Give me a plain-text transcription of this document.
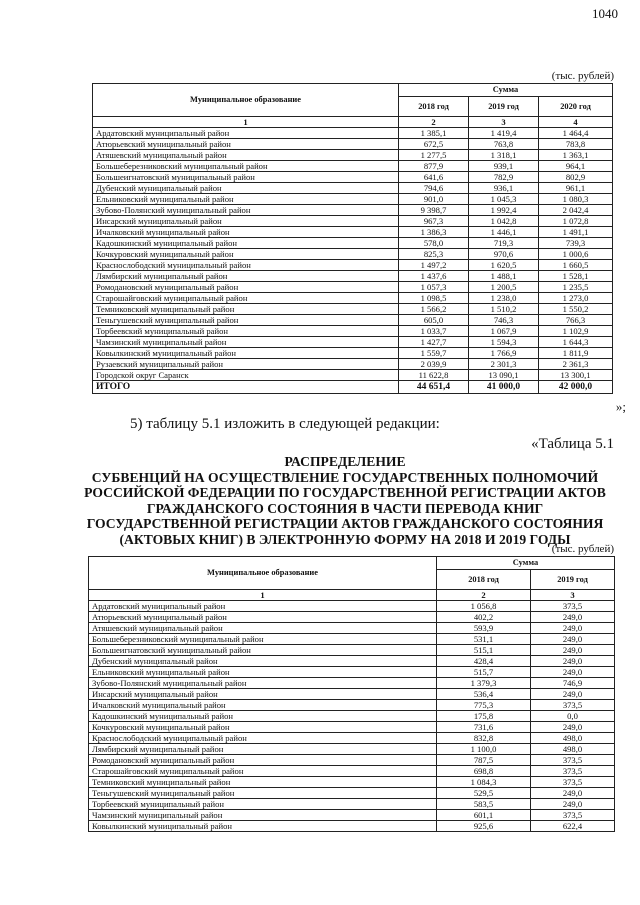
1040
(тыс. рублей)
Муниципальное образование	Сумма		
	2018 год	2019 год	2020 год
1	2	3	4
Ардатовский муниципальный район	1 385,1	1 419,4	1 464,4
Атюрьевский муниципальный район	672,5	763,8	783,8
Атяшевский муниципальный район	1 277,5	1 318,1	1 363,1
Большеберезниковский муниципальный район	877,9	939,1	964,1
Большеигнатовский муниципальный район	641,6	782,9	802,9
Дубенский муниципальный район	794,6	936,1	961,1
Ельниковский муниципальный район	901,0	1 045,3	1 080,3
Зубово-Полянский муниципальный район	9 398,7	1 992,4	2 042,4
Инсарский муниципальный район	967,3	1 042,8	1 072,8
Ичалковский муниципальный район	1 386,3	1 446,1	1 491,1
Кадошкинский муниципальный район	578,0	719,3	739,3
Кочкуровский муниципальный район	825,3	970,6	1 000,6
Краснослободский муниципальный район	1 497,2	1 620,5	1 660,5
Лямбирский муниципальный район	1 437,6	1 488,1	1 528,1
Ромодановский муниципальный район	1 057,3	1 200,5	1 235,5
Старошайговский муниципальный район	1 098,5	1 238,0	1 273,0
Темниковский муниципальный район	1 566,2	1 510,2	1 550,2
Теньгушевский муниципальный район	605,0	746,3	766,3
Торбеевский муниципальный район	1 033,7	1 067,9	1 102,9
Чамзинский муниципальный район	1 427,7	1 594,3	1 644,3
Ковылкинский муниципальный район	1 559,7	1 766,9	1 811,9
Рузаевский муниципальный район	2 039,9	2 301,3	2 361,3
Городской округ Саранск	11 622,8	13 090,1	13 300,1
ИТОГО	44 651,4	41 000,0	42 000,0
»;
5) таблицу 5.1 изложить в следующей редакции:
«Таблица 5.1
РАСПРЕДЕЛЕНИЕ
СУБВЕНЦИЙ НА ОСУЩЕСТВЛЕНИЕ ГОСУДАРСТВЕННЫХ ПОЛНОМОЧИЙ
РОССИЙСКОЙ ФЕДЕРАЦИИ ПО ГОСУДАРСТВЕННОЙ РЕГИСТРАЦИИ АКТОВ
ГРАЖДАНСКОГО СОСТОЯНИЯ В ЧАСТИ ПЕРЕВОДА КНИГ
ГОСУДАРСТВЕННОЙ РЕГИСТРАЦИИ АКТОВ ГРАЖДАНСКОГО СОСТОЯНИЯ
(АКТОВЫХ КНИГ) В ЭЛЕКТРОННУЮ ФОРМУ НА 2018 И 2019 ГОДЫ
(тыс. рублей)
Муниципальное образование	Сумма	
	2018 год	2019 год
1	2	3
Ардатовский муниципальный район	1 056,8	373,5
Атюрьевский муниципальный район	402,2	249,0
Атяшевский муниципальный район	593,9	249,0
Большеберезниковский муниципальный район	531,1	249,0
Большеигнатовский муниципальный район	515,1	249,0
Дубенский муниципальный район	428,4	249,0
Ельниковский муниципальный район	515,7	249,0
Зубово-Полянский муниципальный район	1 379,3	746,9
Инсарский муниципальный район	536,4	249,0
Ичалковский муниципальный район	775,3	373,5
Кадошкинский муниципальный район	175,8	0,0
Кочкуровский муниципальный район	731,6	249,0
Краснослободский муниципальный район	832,8	498,0
Лямбирский муниципальный район	1 100,0	498,0
Ромодановский муниципальный район	787,5	373,5
Старошайговский муниципальный район	698,8	373,5
Темниковский муниципальный район	1 084,3	373,5
Теньгушевский муниципальный район	529,5	249,0
Торбеевский муниципальный район	583,5	249,0
Чамзинский муниципальный район	601,1	373,5
Ковылкинский муниципальный район	925,6	622,4
